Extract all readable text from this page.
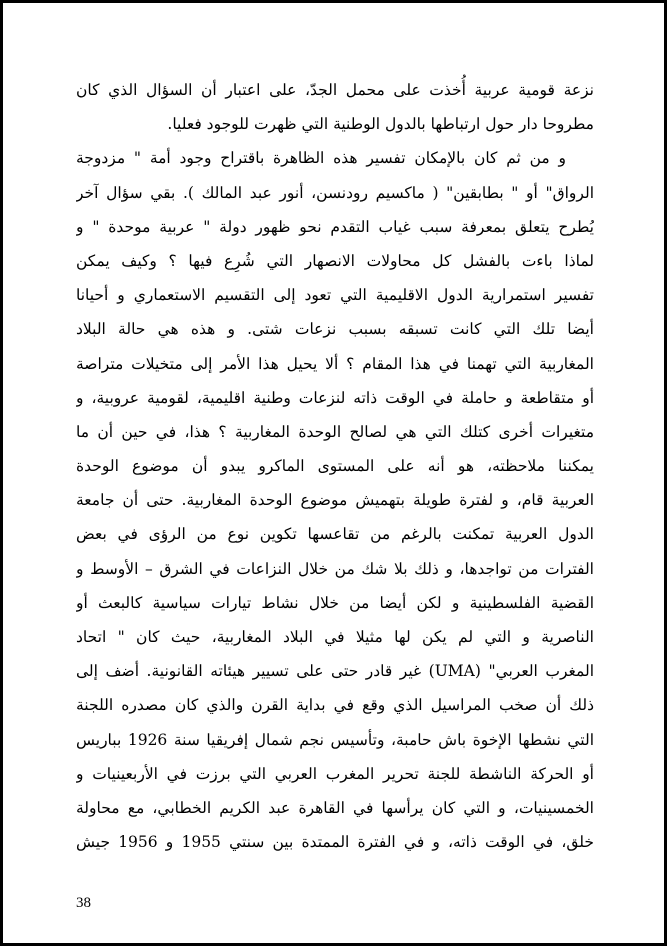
نزعة قومية عربية أُخذت على محمل الجدّ، على اعتبار أن السؤال الذي كان
مطروحا دار حول ارتباطها بالدول الوطنية التي ظهرت للوجود فعليا.
و من ثم كان بالإمكان تفسير هذه الظاهرة باقتراح وجود أمة " مزدوجة
الرواق" أو " بطابقين" ( ماكسيم رودنسن، أنور عبد المالك ). بقي سؤال آخر
يُطرح يتعلق بمعرفة سبب غياب التقدم نحو ظهور دولة " عربية موحدة " و
لماذا باءت بالفشل كل محاولات الانصهار التي شُرِع فيها ؟ وكيف يمكن
تفسير استمرارية الدول الاقليمية التي تعود إلى التقسيم الاستعماري و أحيانا
أيضا تلك التي كانت تسبقه بسبب نزعات شتى. و هذه هي حالة البلاد
المغاربية التي تهمنا في هذا المقام ؟ ألا يحيل هذا الأمر إلى متخيلات متراصة
أو متقاطعة و حاملة في الوقت ذاته لنزعات وطنية اقليمية، لقومية عروبية، و
متغيرات أخرى كتلك التي هي لصالح الوحدة المغاربية ؟ هذا، في حين أن ما
يمكننا ملاحظته، هو أنه على المستوى الماكرو يبدو أن موضوع الوحدة
العربية قام، و لفترة طويلة بتهميش موضوع الوحدة المغاربية. حتى أن جامعة
الدول العربية تمكنت بالرغم من تقاعسها تكوين نوع من الرؤى في بعض
الفترات من تواجدها، و ذلك بلا شك من خلال النزاعات في الشرق – الأوسط و
القضية الفلسطينية و لكن أيضا من خلال نشاط تيارات سياسية كالبعث أو
الناصرية و التي لم يكن لها مثيلا في البلاد المغاربية، حيث كان " اتحاد
المغرب العربي" (UMA) غير قادر حتى على تسيير هيئاته القانونية. أضف إلى
ذلك أن صخب المراسيل الذي وقع في بداية القرن والذي كان مصدره اللجنة
التي نشطها الإخوة باش حامبة، وتأسيس نجم شمال إفريقيا سنة 1926 بباريس
أو الحركة الناشطة للجنة تحرير المغرب العربي التي برزت في الأربعينيات و
الخمسينيات، و التي كان يرأسها في القاهرة عبد الكريم الخطابي، مع محاولة
خلق، في الوقت ذاته، و في الفترة الممتدة بين سنتي 1955 و 1956 جيش
38
